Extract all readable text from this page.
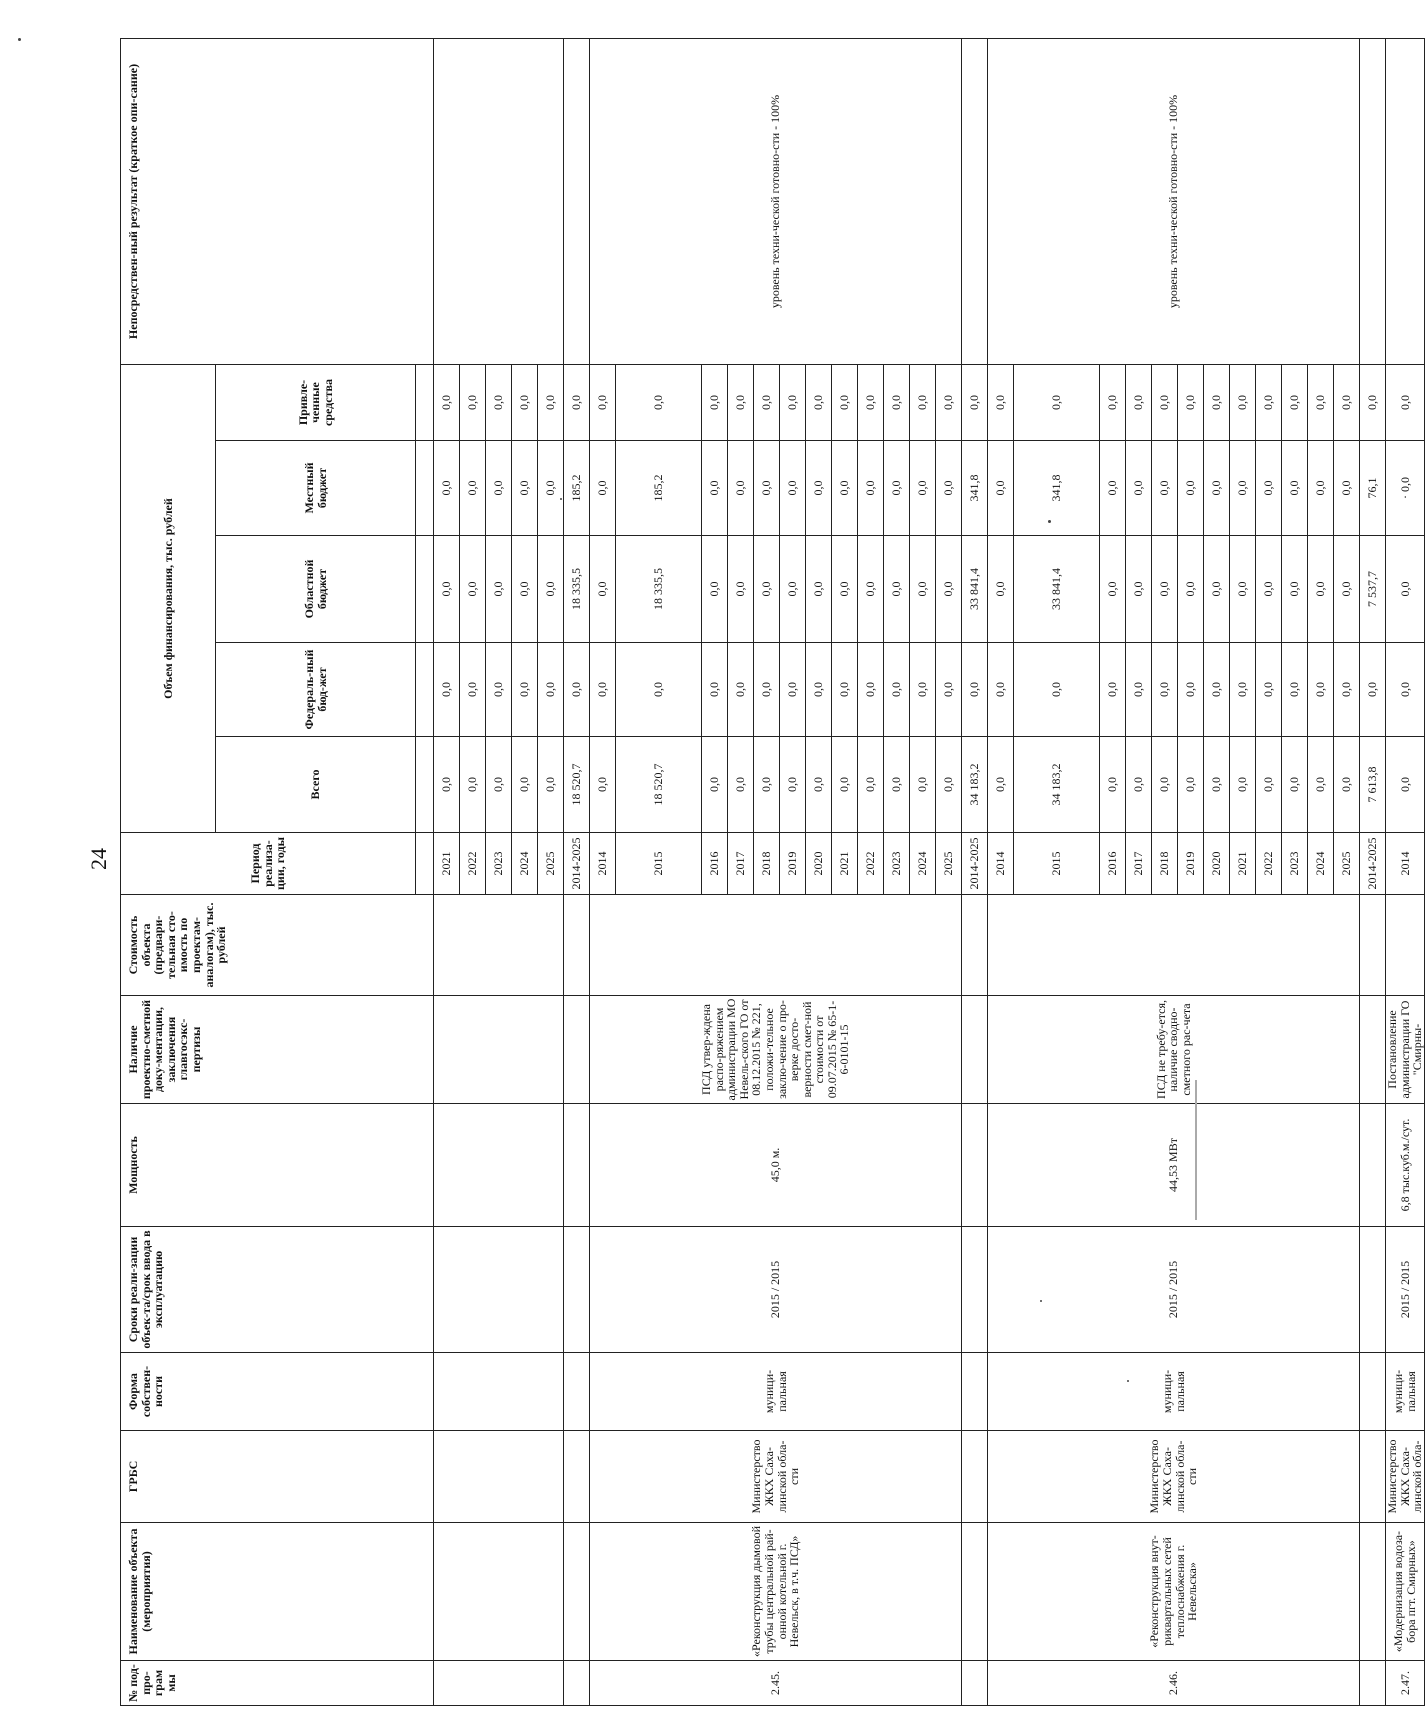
24
№ под-про-грам мы	Наименование объекта (мероприятия)	ГРБС	Форма собствен-ности	Сроки реали-зации объек-та/срок ввода в эксплуатацию	Мощность	Наличие проектно-сметной доку-ментации, заключения главгосэкс-пертизы	Стоимость объекта (предвари-тельная сто-имость по проектам-аналогам), тыс. рублей	Период реализа-ции, годы	Объем финансирования, тыс. рублей					Непосредствен-ный результат (краткое опи-сание)
									Всего	Федераль-ный бюд-жет	Областной бюджет	Местный бюджет	Привле-ченные средства	

								2021	0,0	0,0	0,0	0,0	0,0	
								2022	0,0	0,0	0,0	0,0	0,0	
								2023	0,0	0,0	0,0	0,0	0,0	
								2024	0,0	0,0	0,0	0,0	0,0	
								2025	0,0	0,0	0,0	0,0	0,0	
								2014-2025	18 520,7	0,0	18 335,5	185,2	0,0	
2.45.	«Реконструкция дымовой трубы центральной рай-онной котельной г. Невельск, в т.ч. ПСД»	Министерство ЖКХ Саха-линской обла-сти	муници-пальная	2015 / 2015	45,0 м.	ПСД утвер-ждена распо-ряжением администрации МО Невель-ского ГО от 08.12.2015 № 221, положи-тельное заклю-чение о про-верке досто-верности смет-ной стоимости от 09.07.2015 № 65-1-6-0101-15		2014	0,0	0,0	0,0	0,0	0,0	уровень техни-ческой готовно-сти - 100%
								2015	18 520,7	0,0	18 335,5	185,2	0,0	
								2016	0,0	0,0	0,0	0,0	0,0	
								2017	0,0	0,0	0,0	0,0	0,0	
								2018	0,0	0,0	0,0	0,0	0,0	
								2019	0,0	0,0	0,0	0,0	0,0	
								2020	0,0	0,0	0,0	0,0	0,0	
								2021	0,0	0,0	0,0	0,0	0,0	
								2022	0,0	0,0	0,0	0,0	0,0	
								2023	0,0	0,0	0,0	0,0	0,0	
								2024	0,0	0,0	0,0	0,0	0,0	
								2025	0,0	0,0	0,0	0,0	0,0	
								2014-2025	34 183,2	0,0	33 841,4	341,8	0,0	
2.46.	«Реконструкция внут-риквартальных сетей теплоснабжения г. Невельска»	Министерство ЖКХ Саха-линской обла-сти	муници-пальная	2015 / 2015	44,53 МВт	ПСД не требу-ется, наличие сводно-сметного рас-чета		2014	0,0	0,0	0,0	0,0	0,0	уровень техни-ческой готовно-сти - 100%
								2015	34 183,2	0,0	33 841,4	341,8	0,0	
								2016	0,0	0,0	0,0	0,0	0,0	
								2017	0,0	0,0	0,0	0,0	0,0	
								2018	0,0	0,0	0,0	0,0	0,0	
								2019	0,0	0,0	0,0	0,0	0,0	
								2020	0,0	0,0	0,0	0,0	0,0	
								2021	0,0	0,0	0,0	0,0	0,0	
								2022	0,0	0,0	0,0	0,0	0,0	
								2023	0,0	0,0	0,0	0,0	0,0	
								2024	0,0	0,0	0,0	0,0	0,0	
								2025	0,0	0,0	0,0	0,0	0,0	
								2014-2025	7 613,8	0,0	7 537,7	76,1	0,0	
2.47.	«Модернизация водоза-бора пгт. Смирных»	Министерство ЖКХ Саха-линской обла-	муници-пальная	2015 / 2015	6,8 тыс.куб.м./сут.	Постановление администрации ГО "Смирны-		2014	0,0	0,0	0,0	· 0,0	0,0	
